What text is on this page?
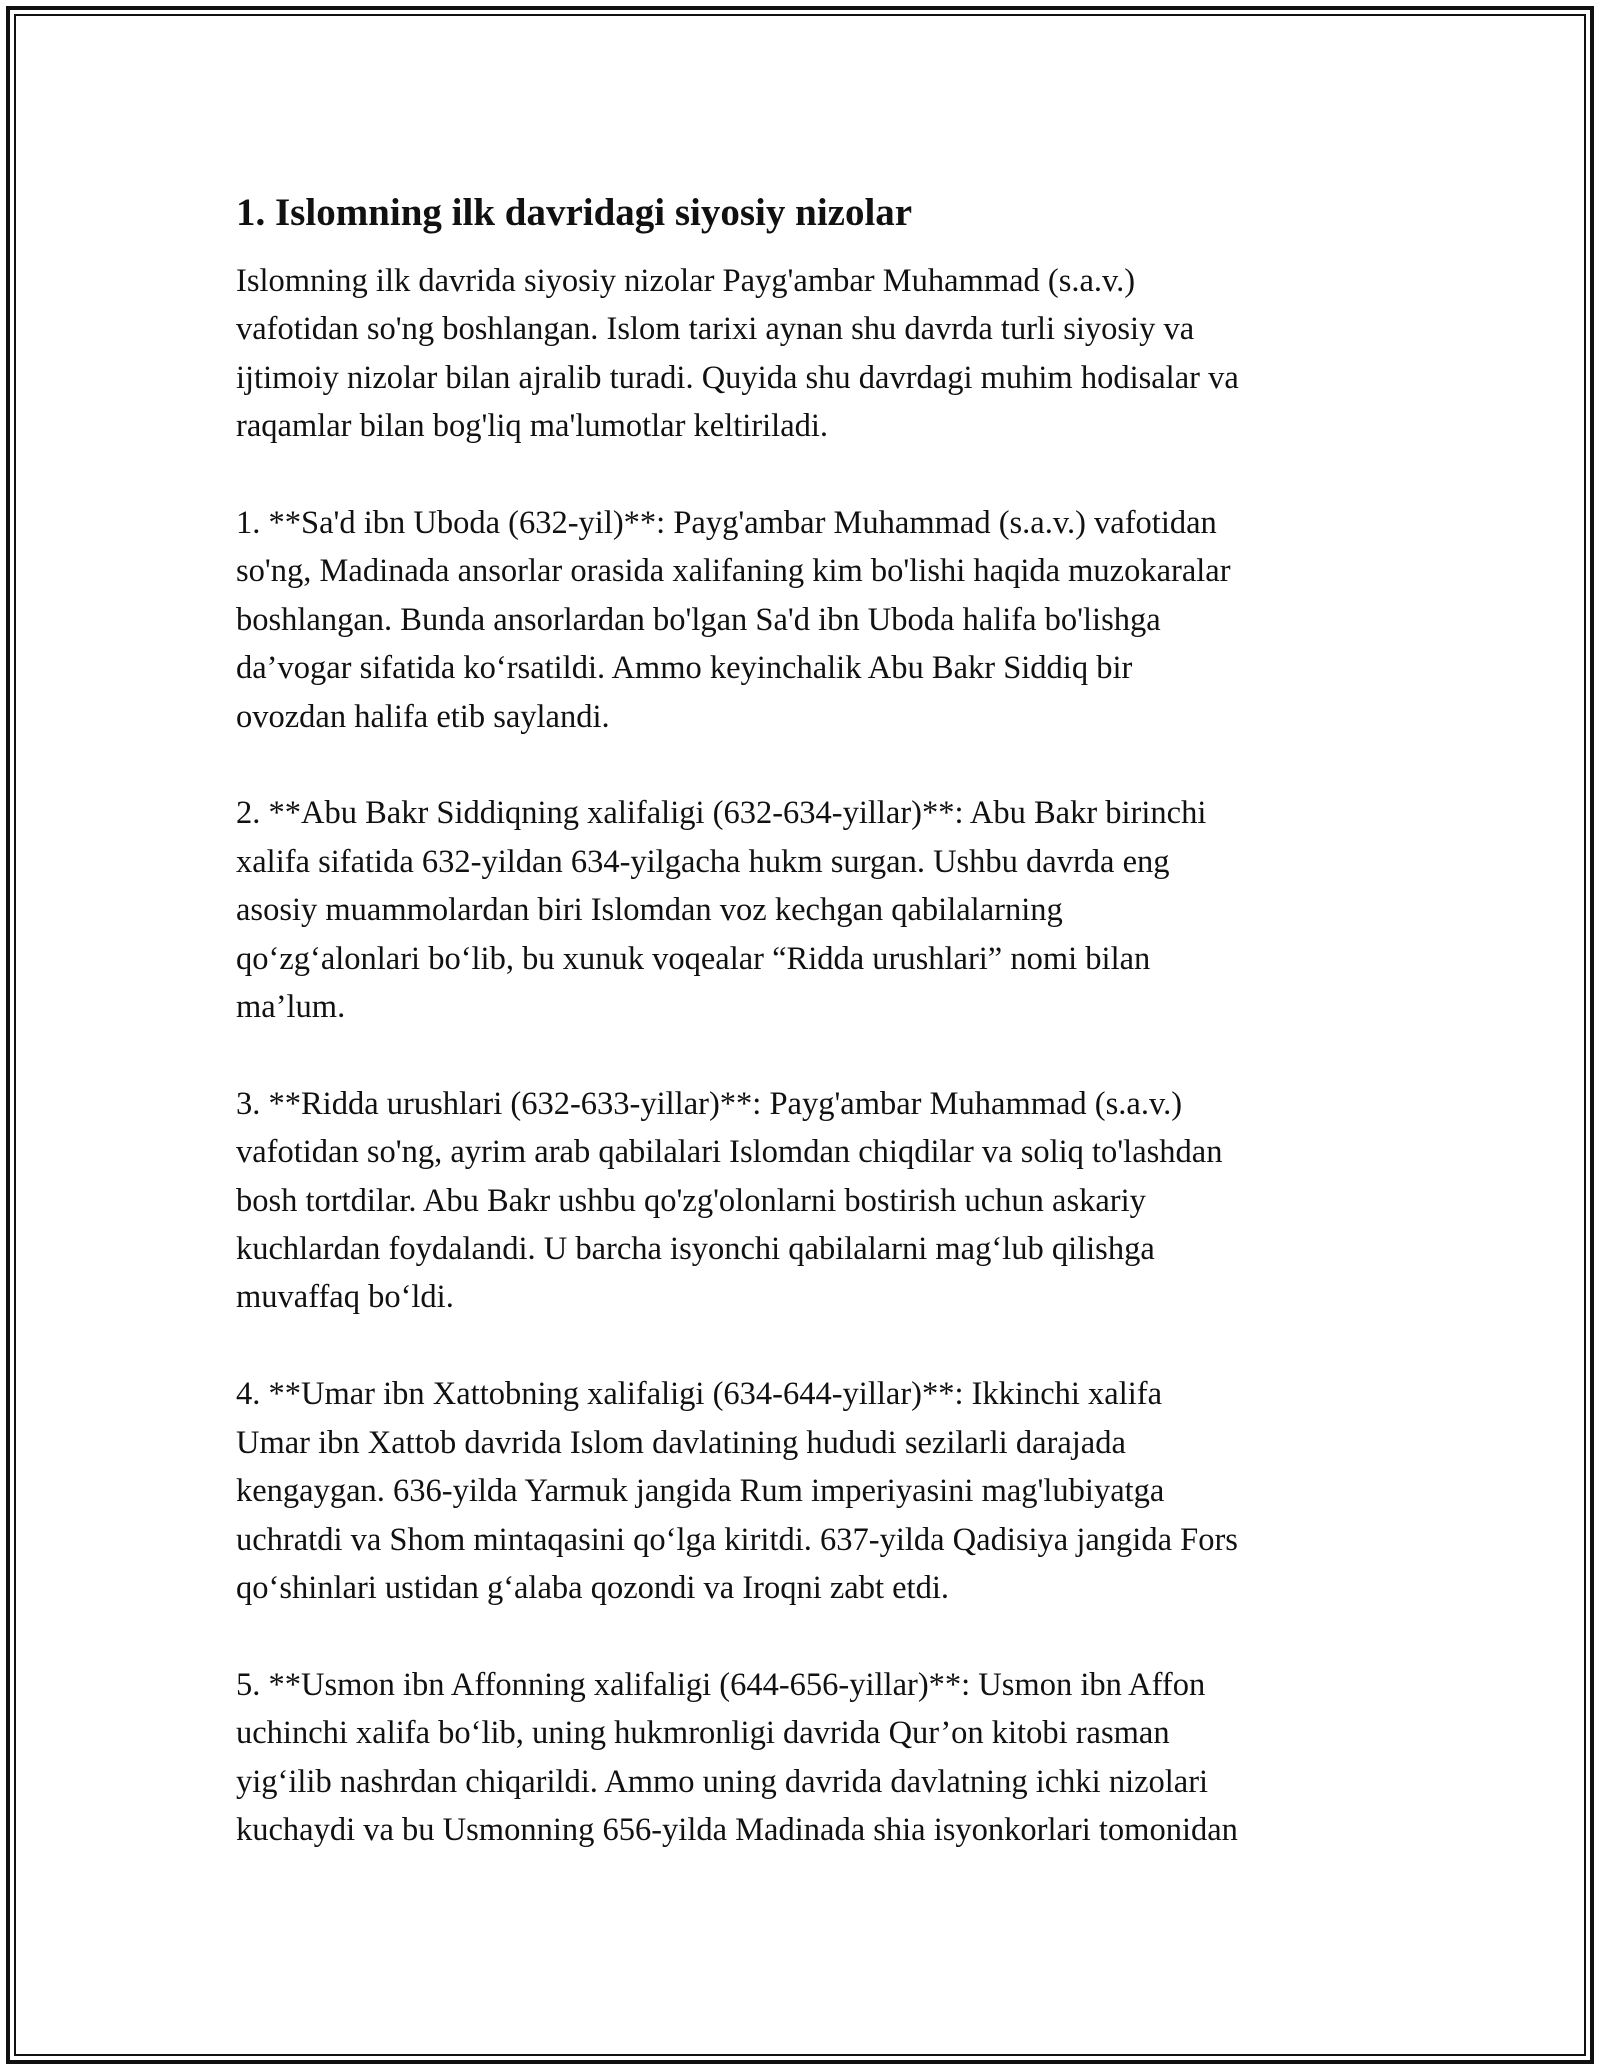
1. Islomning ilk davridagi siyosiy nizolar
Islomning ilk davrida siyosiy nizolar Payg'ambar Muhammad (s.a.v.)
vafotidan so'ng boshlangan. Islom tarixi aynan shu davrda turli siyosiy va
ijtimoiy nizolar bilan ajralib turadi. Quyida shu davrdagi muhim hodisalar va
raqamlar bilan bog'liq ma'lumotlar keltiriladi.
1. **Sa'd ibn Uboda (632-yil)**: Payg'ambar Muhammad (s.a.v.) vafotidan
so'ng, Madinada ansorlar orasida xalifaning kim bo'lishi haqida muzokaralar
boshlangan. Bunda ansorlardan bo'lgan Sa'd ibn Uboda halifa bo'lishga
da’vogar sifatida ko‘rsatildi. Ammo keyinchalik Abu Bakr Siddiq bir
ovozdan halifa etib saylandi.
2. **Abu Bakr Siddiqning xalifaligi (632-634-yillar)**: Abu Bakr birinchi
xalifa sifatida 632-yildan 634-yilgacha hukm surgan. Ushbu davrda eng
asosiy muammolardan biri Islomdan voz kechgan qabilalarning
qo‘zg‘alonlari bo‘lib, bu xunuk voqealar “Ridda urushlari” nomi bilan
ma’lum.
3. **Ridda urushlari (632-633-yillar)**: Payg'ambar Muhammad (s.a.v.)
vafotidan so'ng, ayrim arab qabilalari Islomdan chiqdilar va soliq to'lashdan
bosh tortdilar. Abu Bakr ushbu qo'zg'olonlarni bostirish uchun askariy
kuchlardan foydalandi. U barcha isyonchi qabilalarni mag‘lub qilishga
muvaffaq bo‘ldi.
4. **Umar ibn Xattobning xalifaligi (634-644-yillar)**: Ikkinchi xalifa
Umar ibn Xattob davrida Islom davlatining hududi sezilarli darajada
kengaygan. 636-yilda Yarmuk jangida Rum imperiyasini mag'lubiyatga
uchratdi va Shom mintaqasini qo‘lga kiritdi. 637-yilda Qadisiya jangida Fors
qo‘shinlari ustidan g‘alaba qozondi va Iroqni zabt etdi.
5. **Usmon ibn Affonning xalifaligi (644-656-yillar)**: Usmon ibn Affon
uchinchi xalifa bo‘lib, uning hukmronligi davrida Qur’on kitobi rasman
yig‘ilib nashrdan chiqarildi. Ammo uning davrida davlatning ichki nizolari
kuchaydi va bu Usmonning 656-yilda Madinada shia isyonkorlari tomonidan
